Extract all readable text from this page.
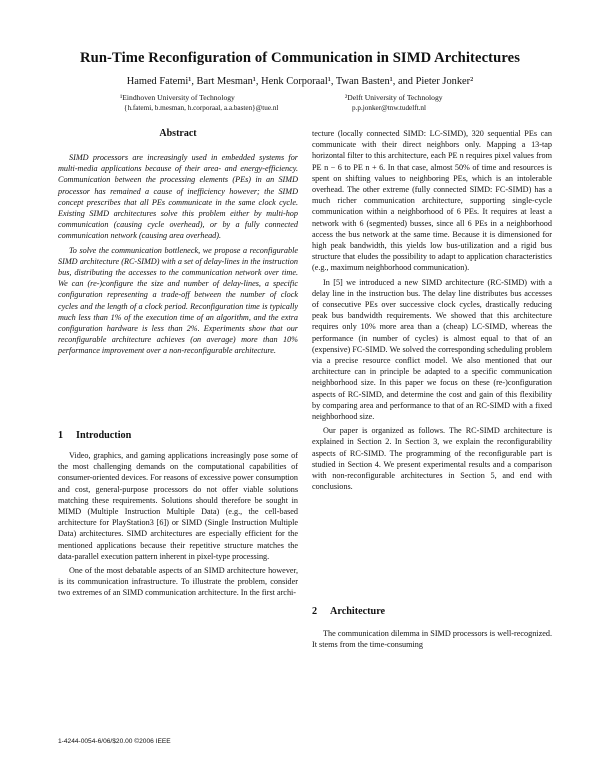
Run-Time Reconfiguration of Communication in SIMD Architectures
Hamed Fatemi¹, Bart Mesman¹, Henk Corporaal¹, Twan Basten¹, and Pieter Jonker²
¹Eindhoven University of Technology	²Delft University of Technology
{h.fatemi, b.mesman, h.corporaal, a.a.basten}@tue.nl	p.p.jonker@tnw.tudelft.nl
Abstract

SIMD processors are increasingly used in embedded systems for multi-media applications because of their area- and energy-efficiency. Communication between the processing elements (PEs) in an SIMD processor has remained a cause of inefficiency however; the SIMD concept prescribes that all PEs communicate in the same clock cycle. Existing SIMD architectures solve this problem either by multi-hop communication (causing cycle overhead), or by a fully connected communication network (causing area overhead).

To solve the communication bottleneck, we propose a reconfigurable SIMD architecture (RC-SIMD) with a set of delay-lines in the instruction bus, distributing the accesses to the communication network over time. We can (re-)configure the size and number of delay-lines, a specific configuration representing a trade-off between the number of clock cycles and the length of a clock period. Reconfiguration time is typically much less than 1% of the execution time of an algorithm, and the extra configuration hardware is less than 2%. Experiments show that our reconfigurable architecture achieves (on average) more than 10% performance improvement over a non-reconfigurable architecture.

1 Introduction

Video, graphics, and gaming applications increasingly pose some of the most challenging demands on the computational capabilities of consumer-oriented devices. For reasons of excessive power consumption and cost, general-purpose processors do not offer viable solutions matching these requirements. Solutions should therefore be sought in MIMD (Multiple Instruction Multiple Data) (e.g., the cell-based architecture for PlayStation3 [6]) or SIMD (Single Instruction Multiple Data) architectures. SIMD architectures are especially efficient for the mentioned applications because their repetitive structure matches the data-parallel execution pattern inherent in pixel-type processing.

One of the most debatable aspects of an SIMD architecture however, is its communication infrastructure. To illustrate the problem, consider two extremes of an SIMD communication architecture. In the first archi-

tecture (locally connected SIMD: LC-SIMD), 320 sequential PEs can communicate with their direct neighbors only. Mapping a 13-tap horizontal filter to this architecture, each PE n requires pixel values from PE n − 6 to PE n + 6. In that case, almost 50% of time and resources is spent on shifting values to neighboring PEs, which is an intolerable overhead. The other extreme (fully connected SIMD: FC-SIMD) has a much richer communication architecture, supporting single-cycle communication within a neighborhood of 6 PEs. It requires at least a network with 6 (segmented) busses, since all 6 PEs in a neighborhood access the bus network at the same time. Because it is dimensioned for high peak bandwidth, this yields low bus-utilization and a rigid bus structure that eludes the possibility to adapt to application characteristics (e.g., maximum neighborhood communication).

In [5] we introduced a new SIMD architecture (RC-SIMD) with a delay line in the instruction bus. The delay line distributes bus accesses of consecutive PEs over successive clock cycles, drastically reducing peak bus bandwidth requirements. We showed that this architecture requires only 10% more area than a (cheap) LC-SIMD, whereas the performance (in number of cycles) is almost equal to that of an (expensive) FC-SIMD. We solved the corresponding scheduling problem via a precise resource conflict model. We also mentioned that our architecture can in principle be adapted to a specific communication neighborhood size. In this paper we focus on these (re-)configuration aspects of RC-SIMD, and determine the cost and gain of this flexibility by comparing area and performance to that of an RC-SIMD with a fixed neighborhood size.

Our paper is organized as follows. The RC-SIMD architecture is explained in Section 2. In Section 3, we explain the reconfigurability aspects of RC-SIMD. The programming of the reconfigurable part is studied in Section 4. We present experimental results and a comparison with non-reconfigurable architectures in Section 5, and end with conclusions.

2 Architecture

The communication dilemma in SIMD processors is well-recognized. It stems from the time-consuming

1-4244-0054-6/06/$20.00 ©2006 IEEE
